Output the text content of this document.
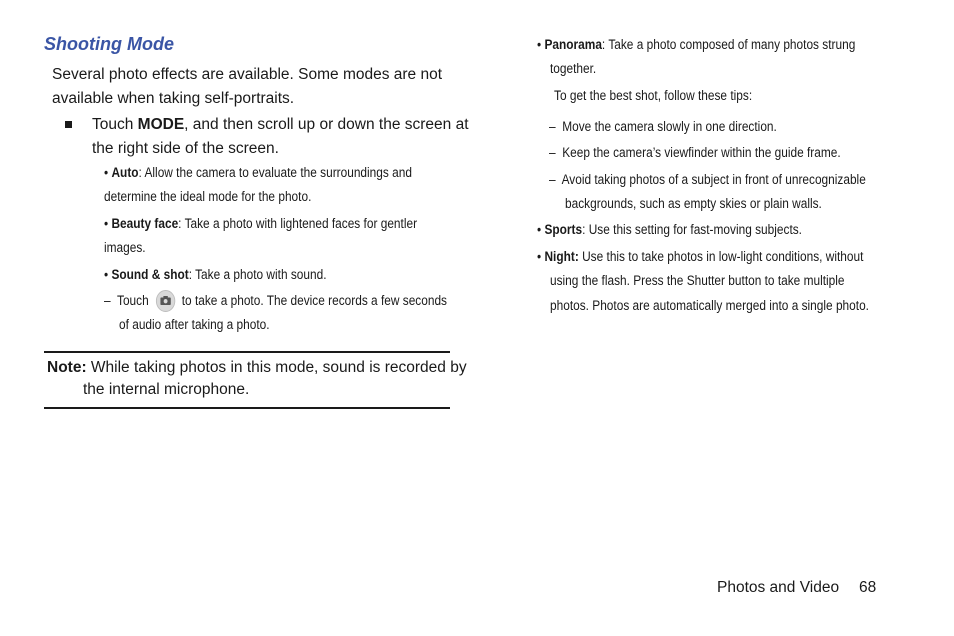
Shooting Mode
Several photo effects are available. Some modes are not
available when taking self-portraits.
Touch MODE, and then scroll up or down the screen at
the right side of the screen.
• Auto: Allow the camera to evaluate the surroundings and
determine the ideal mode for the photo.
• Beauty face: Take a photo with lightened faces for gentler
images.
• Sound & shot: Take a photo with sound.
– Touch to take a photo. The device records a few seconds
of audio after taking a photo.
Note: While taking photos in this mode, sound is recorded by
the internal microphone.
• Panorama: Take a photo composed of many photos strung
together.
To get the best shot, follow these tips:
– Move the camera slowly in one direction.
– Keep the camera’s viewfinder within the guide frame.
– Avoid taking photos of a subject in front of unrecognizable
backgrounds, such as empty skies or plain walls.
• Sports: Use this setting for fast-moving subjects.
• Night: Use this to take photos in low-light conditions, without
using the flash. Press the Shutter button to take multiple
photos. Photos are automatically merged into a single photo.
Photos and Video 68
